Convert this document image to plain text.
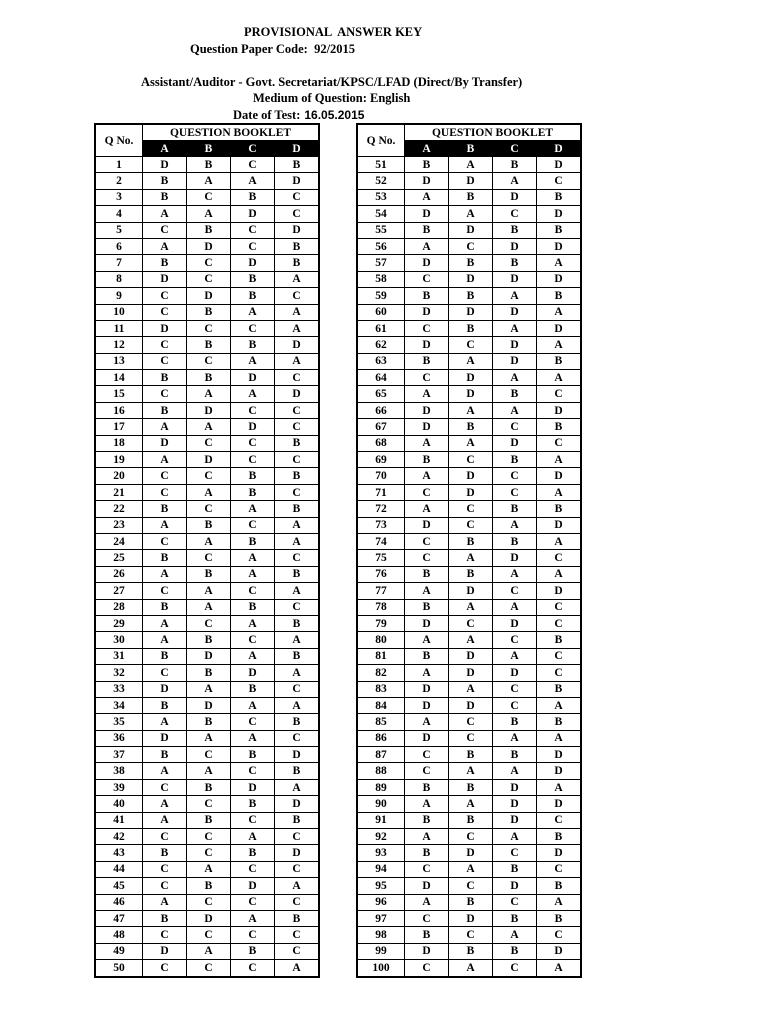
PROVISIONAL  ANSWER KEY
Question Paper Code:  92/2015
Assistant/Auditor - Govt. Secretariat/KPSC/LFAD (Direct/By Transfer)
Medium of Question: English
Date of Test: 16.05.2015
Q No.	QUESTION BOOKLET			
	A	B	C	D
1	D	B	C	B
2	B	A	A	D
3	B	C	B	C
4	A	A	D	C
5	C	B	C	D
6	A	D	C	B
7	B	C	D	B
8	D	C	B	A
9	C	D	B	C
10	C	B	A	A
11	D	C	C	A
12	C	B	B	D
13	C	C	A	A
14	B	B	D	C
15	C	A	A	D
16	B	D	C	C
17	A	A	D	C
18	D	C	C	B
19	A	D	C	C
20	C	C	B	B
21	C	A	B	C
22	B	C	A	B
23	A	B	C	A
24	C	A	B	A
25	B	C	A	C
26	A	B	A	B
27	C	A	C	A
28	B	A	B	C
29	A	C	A	B
30	A	B	C	A
31	B	D	A	B
32	C	B	D	A
33	D	A	B	C
34	B	D	A	A
35	A	B	C	B
36	D	A	A	C
37	B	C	B	D
38	A	A	C	B
39	C	B	D	A
40	A	C	B	D
41	A	B	C	B
42	C	C	A	C
43	B	C	B	D
44	C	A	C	C
45	C	B	D	A
46	A	C	C	C
47	B	D	A	B
48	C	C	C	C
49	D	A	B	C
50	C	C	C	A
Q No.	QUESTION BOOKLET			
	A	B	C	D
51	B	A	B	D
52	D	D	A	C
53	A	B	D	B
54	D	A	C	D
55	B	D	B	B
56	A	C	D	D
57	D	B	B	A
58	C	D	D	D
59	B	B	A	B
60	D	D	D	A
61	C	B	A	D
62	D	C	D	A
63	B	A	D	B
64	C	D	A	A
65	A	D	B	C
66	D	A	A	D
67	D	B	C	B
68	A	A	D	C
69	B	C	B	A
70	A	D	C	D
71	C	D	C	A
72	A	C	B	B
73	D	C	A	D
74	C	B	B	A
75	C	A	D	C
76	B	B	A	A
77	A	D	C	D
78	B	A	A	C
79	D	C	D	C
80	A	A	C	B
81	B	D	A	C
82	A	D	D	C
83	D	A	C	B
84	D	D	C	A
85	A	C	B	B
86	D	C	A	A
87	C	B	B	D
88	C	A	A	D
89	B	B	D	A
90	A	A	D	D
91	B	B	D	C
92	A	C	A	B
93	B	D	C	D
94	C	A	B	C
95	D	C	D	B
96	A	B	C	A
97	C	D	B	B
98	B	C	A	C
99	D	B	B	D
100	C	A	C	A
